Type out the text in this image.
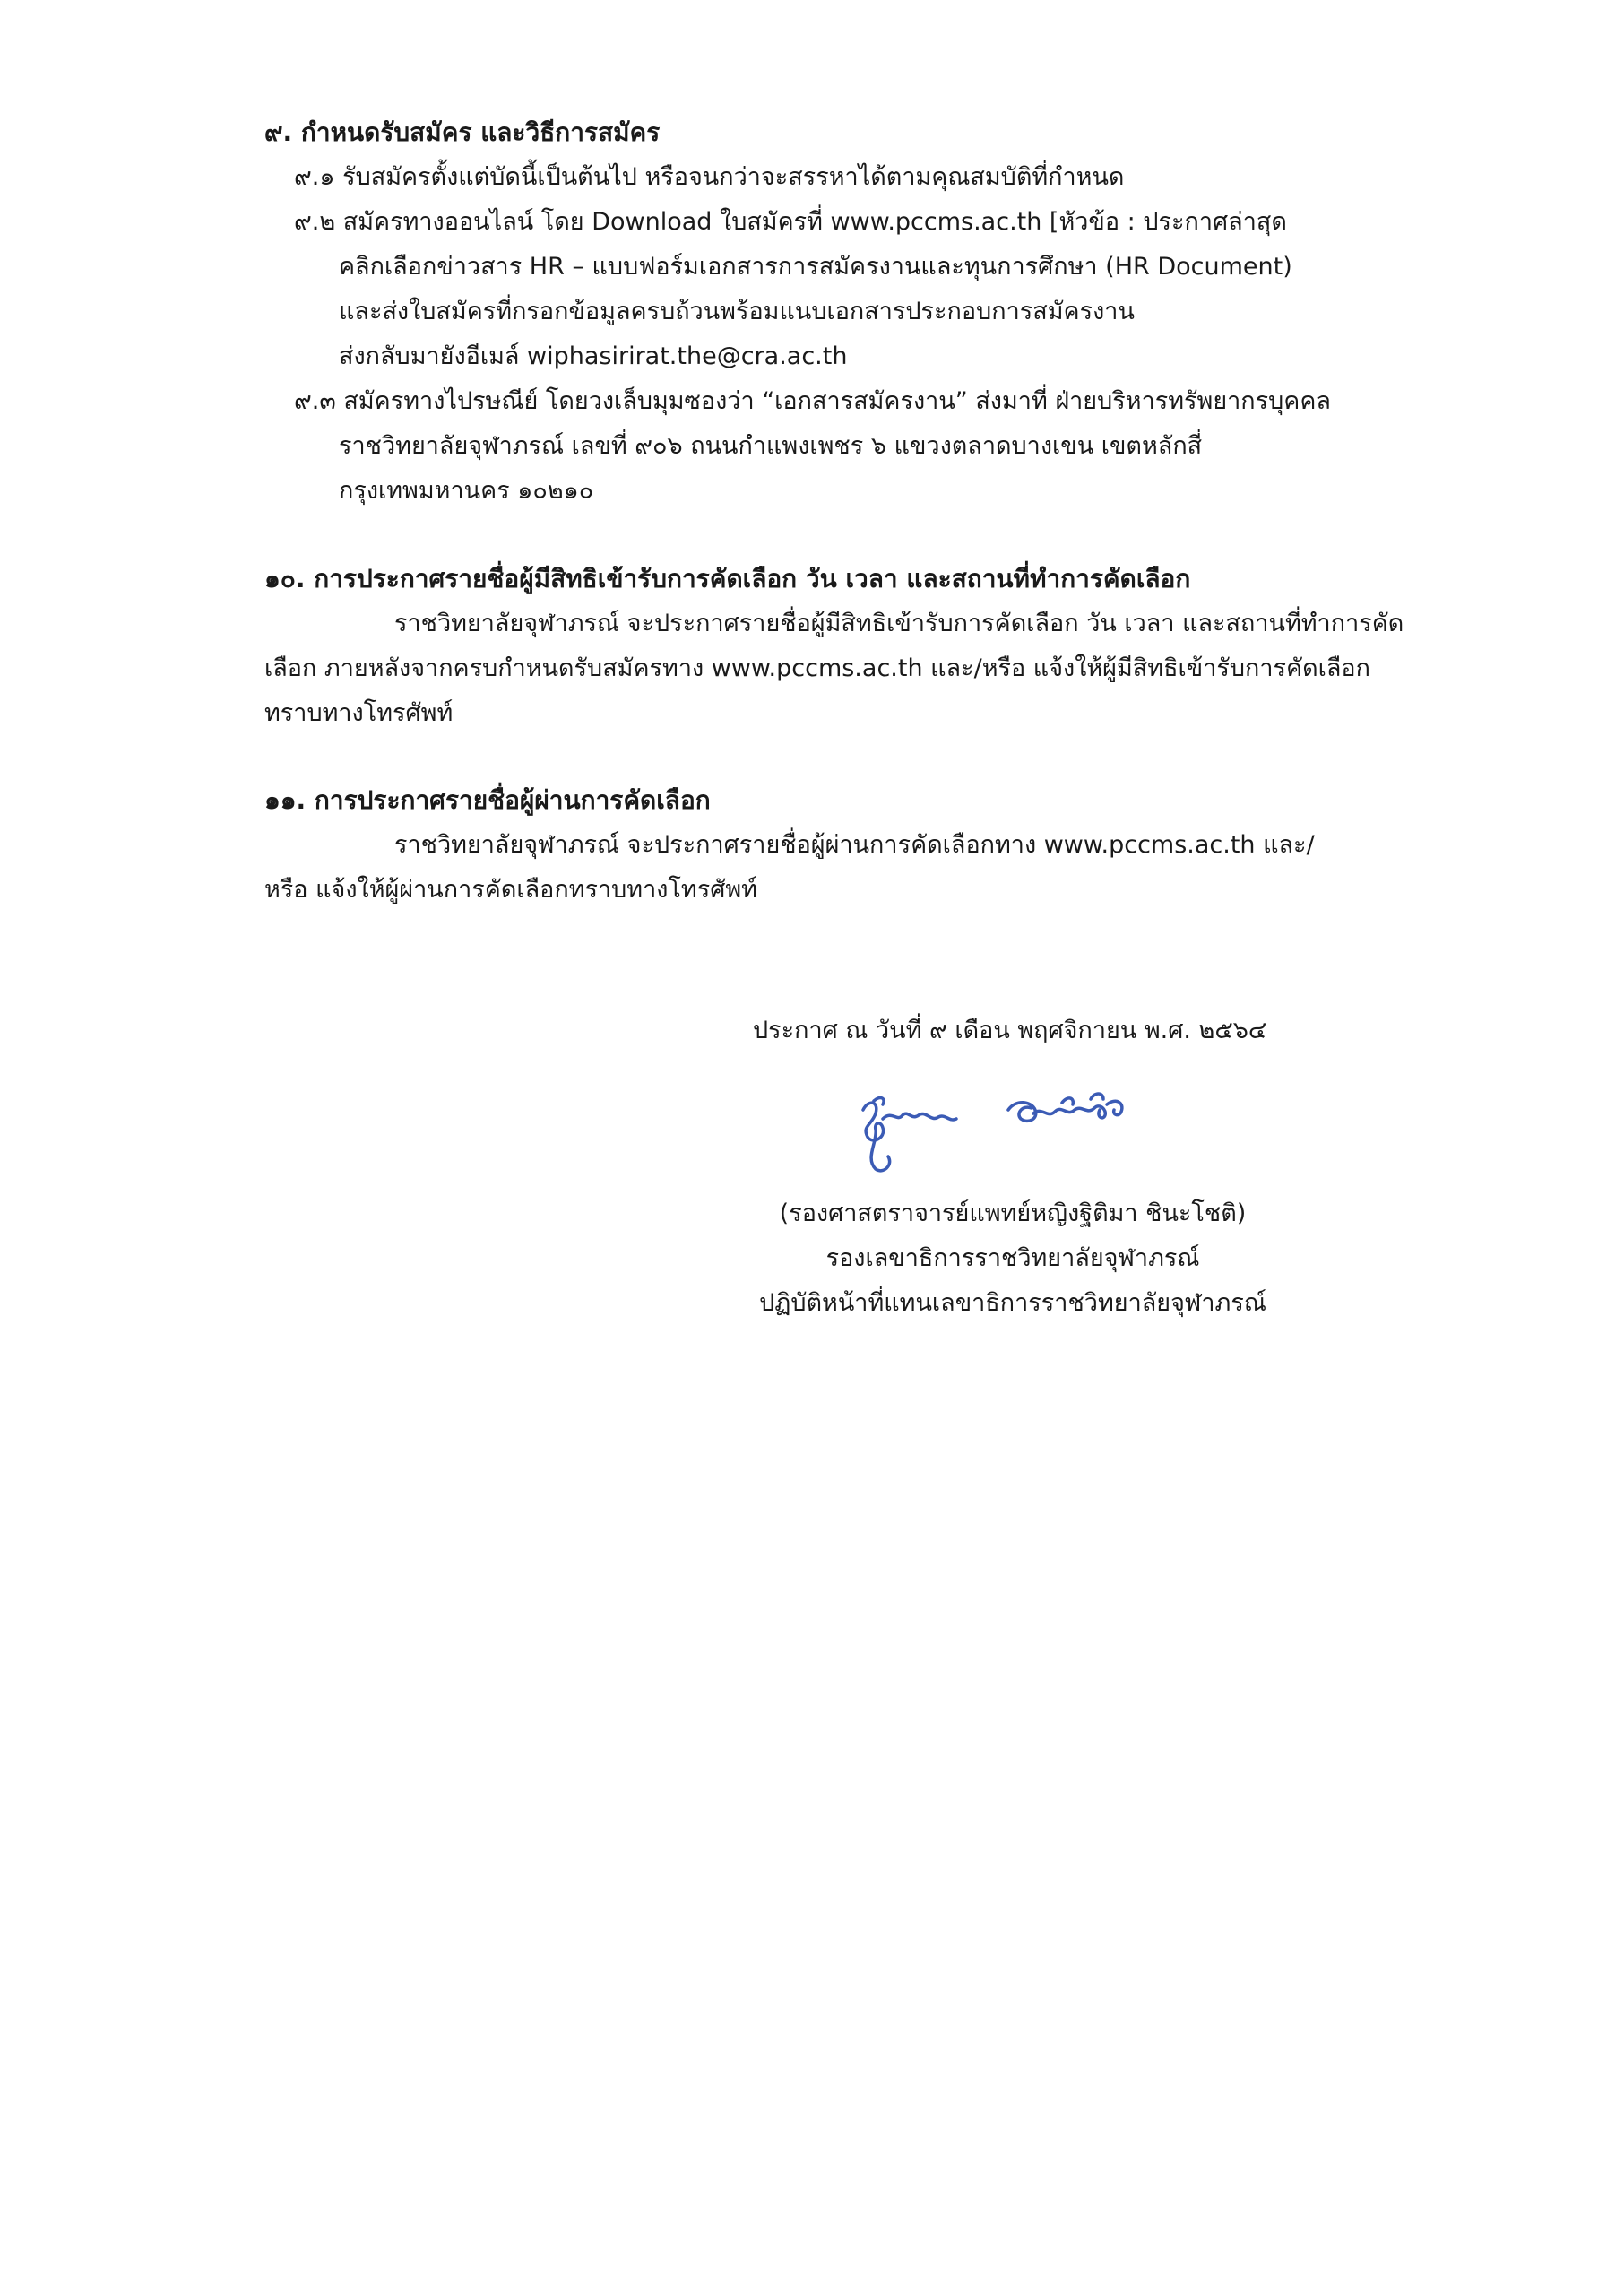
๙. กำหนดรับสมัคร และวิธีการสมัคร
๙.๑ รับสมัครตั้งแต่บัดนี้เป็นต้นไป หรือจนกว่าจะสรรหาได้ตามคุณสมบัติที่กำหนด
๙.๒ สมัครทางออนไลน์ โดย Download ใบสมัครที่ www.pccms.ac.th [หัวข้อ : ประกาศล่าสุด
คลิกเลือกข่าวสาร HR – แบบฟอร์มเอกสารการสมัครงานและทุนการศึกษา (HR Document)
และส่งใบสมัครที่กรอกข้อมูลครบถ้วนพร้อมแนบเอกสารประกอบการสมัครงาน
ส่งกลับมายังอีเมล์ wiphasirirat.the@cra.ac.th
๙.๓ สมัครทางไปรษณีย์ โดยวงเล็บมุมซองว่า “เอกสารสมัครงาน” ส่งมาที่ ฝ่ายบริหารทรัพยากรบุคคล
ราชวิทยาลัยจุฬาภรณ์ เลขที่ ๙๐๖ ถนนกำแพงเพชร ๖ แขวงตลาดบางเขน เขตหลักสี่
กรุงเทพมหานคร ๑๐๒๑๐
๑๐. การประกาศรายชื่อผู้มีสิทธิเข้ารับการคัดเลือก วัน เวลา และสถานที่ทำการคัดเลือก
ราชวิทยาลัยจุฬาภรณ์ จะประกาศรายชื่อผู้มีสิทธิเข้ารับการคัดเลือก วัน เวลา และสถานที่ทำการคัด
เลือก ภายหลังจากครบกำหนดรับสมัครทาง www.pccms.ac.th และ/หรือ แจ้งให้ผู้มีสิทธิเข้ารับการคัดเลือก
ทราบทางโทรศัพท์
๑๑. การประกาศรายชื่อผู้ผ่านการคัดเลือก
ราชวิทยาลัยจุฬาภรณ์ จะประกาศรายชื่อผู้ผ่านการคัดเลือกทาง www.pccms.ac.th และ/
หรือ แจ้งให้ผู้ผ่านการคัดเลือกทราบทางโทรศัพท์
ประกาศ ณ วันที่ ๙ เดือน พฤศจิกายน พ.ศ. ๒๕๖๔
(รองศาสตราจารย์แพทย์หญิงฐิติมา ชินะโชติ)
รองเลขาธิการราชวิทยาลัยจุฬาภรณ์
ปฏิบัติหน้าที่แทนเลขาธิการราชวิทยาลัยจุฬาภรณ์
